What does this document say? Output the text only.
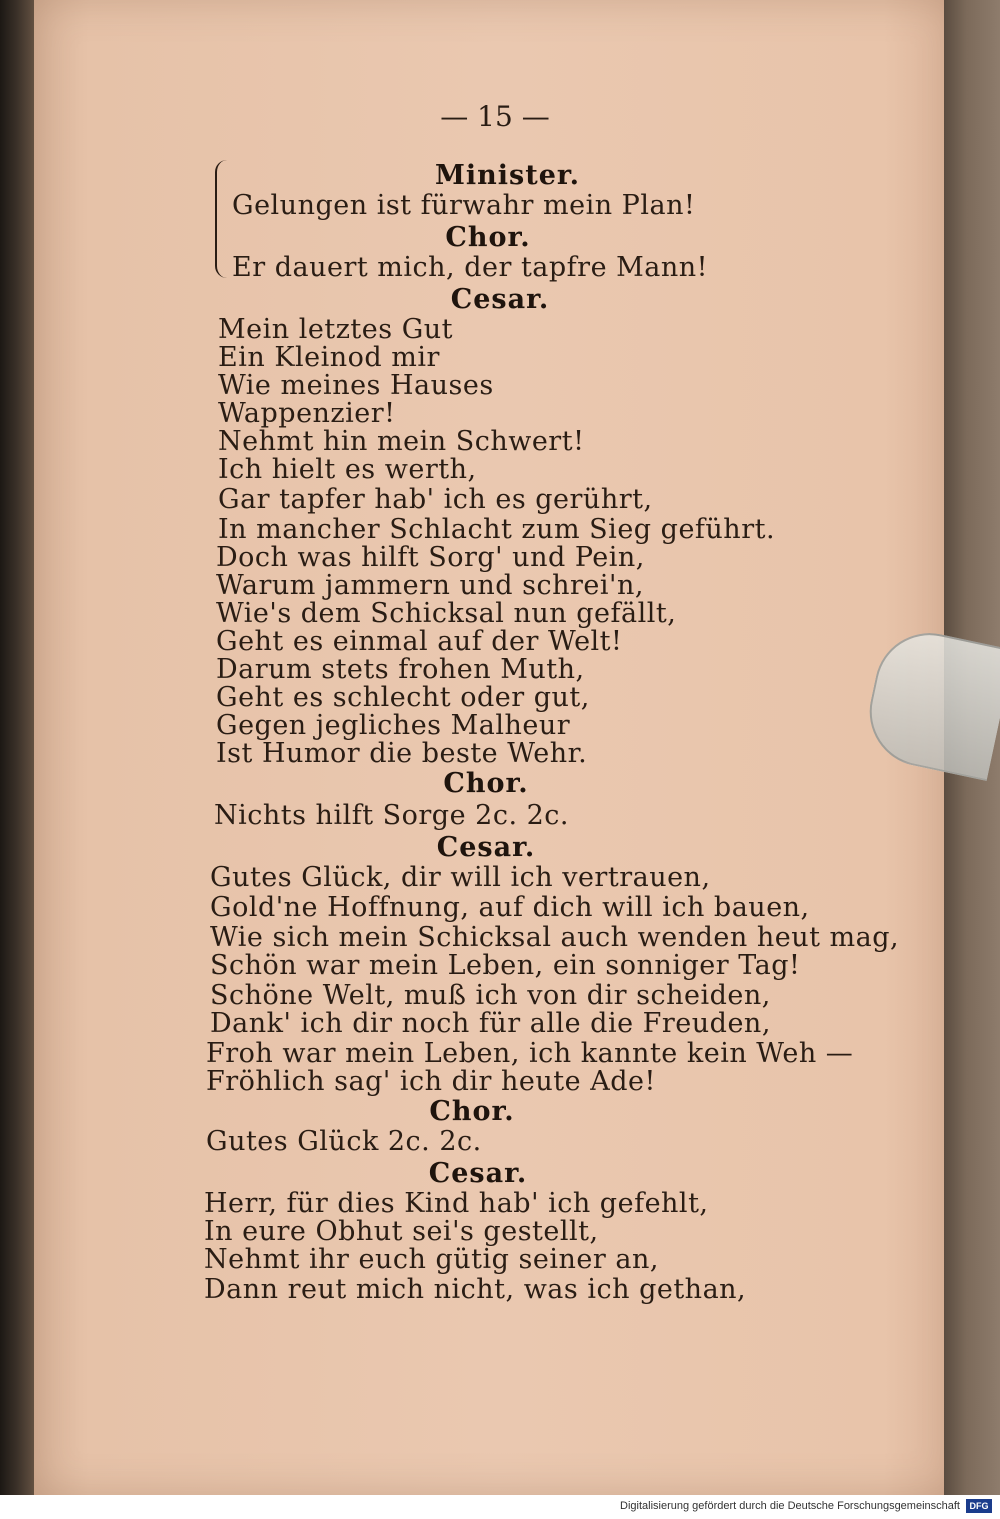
— 15 —
Minister.
Gelungen ist fürwahr mein Plan!
Chor.
Er dauert mich, der tapfre Mann!
Cesar.
Mein letztes Gut
Ein Kleinod mir
Wie meines Hauses
Wappenzier!
Nehmt hin mein Schwert!
Ich hielt es werth,
Gar tapfer hab' ich es gerührt,
In mancher Schlacht zum Sieg geführt.
Doch was hilft Sorg' und Pein,
Warum jammern und schrei'n,
Wie's dem Schicksal nun gefällt,
Geht es einmal auf der Welt!
Darum stets frohen Muth,
Geht es schlecht oder gut,
Gegen jegliches Malheur
Ist Humor die beste Wehr.
Chor.
Nichts hilft Sorge 2c. 2c.
Cesar.
Gutes Glück, dir will ich vertrauen,
Gold'ne Hoffnung, auf dich will ich bauen,
Wie sich mein Schicksal auch wenden heut mag,
Schön war mein Leben, ein sonniger Tag!
Schöne Welt, muß ich von dir scheiden,
Dank' ich dir noch für alle die Freuden,
Froh war mein Leben, ich kannte kein Weh —
Fröhlich sag' ich dir heute Ade!
Chor.
Gutes Glück 2c. 2c.
Cesar.
Herr, für dies Kind hab' ich gefehlt,
In eure Obhut sei's gestellt,
Nehmt ihr euch gütig seiner an,
Dann reut mich nicht, was ich gethan,
Digitalisierung gefördert durch die Deutsche Forschungsgemeinschaft	DFG
